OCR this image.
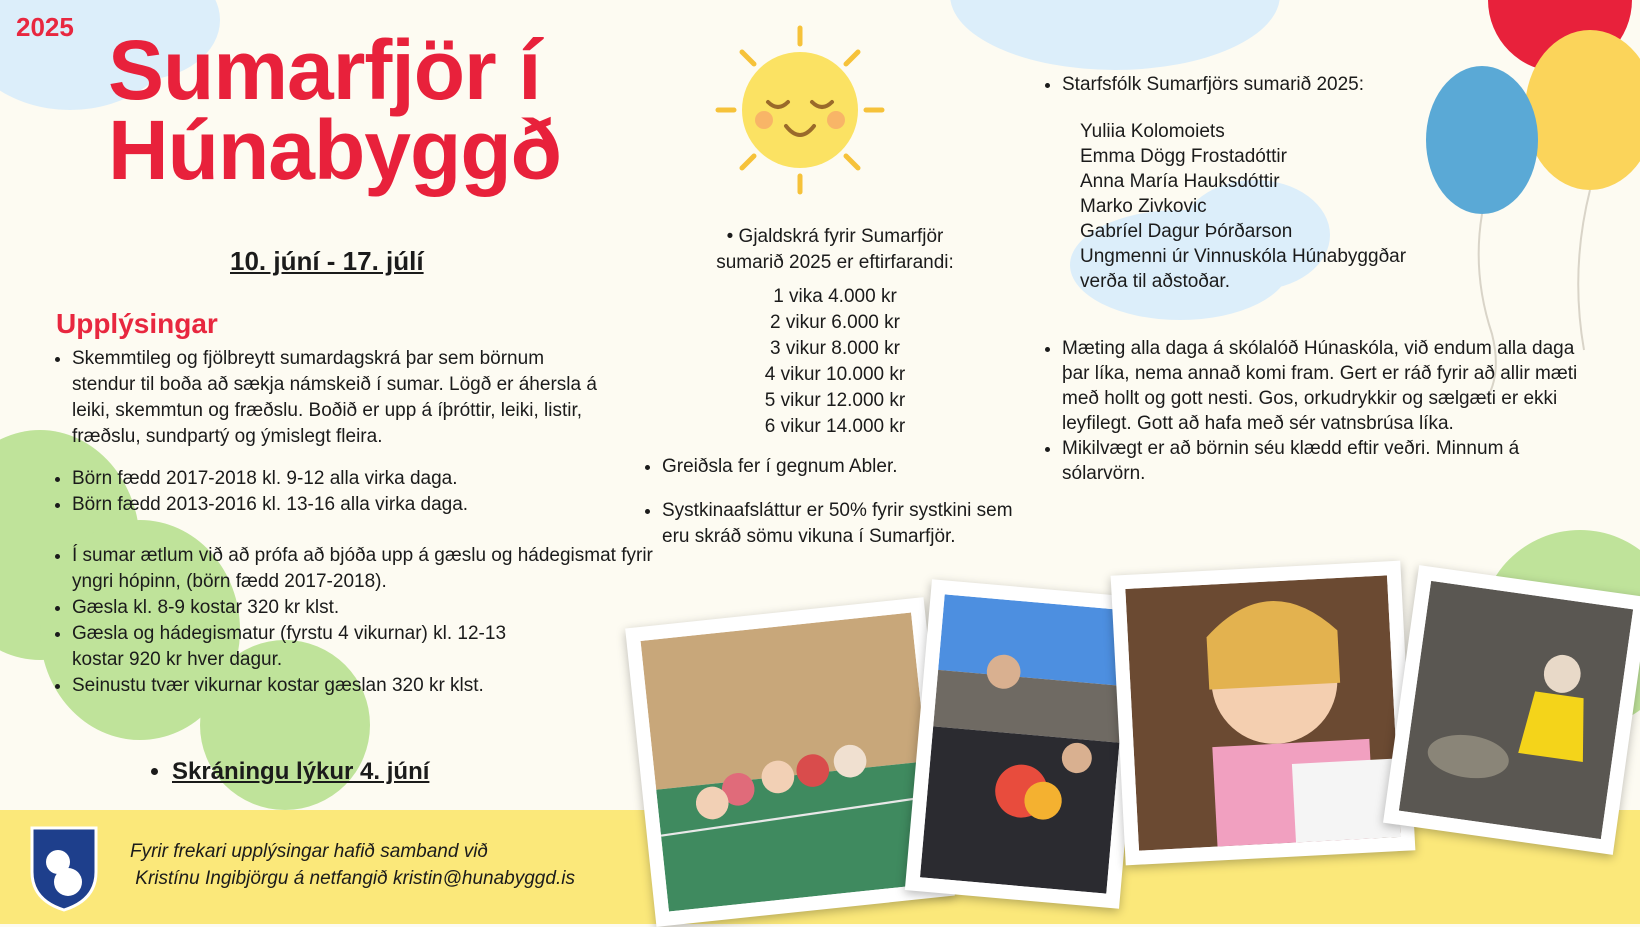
2025 Sumarfjör í
Húnabyggð
10. júní - 17. júlí
Upplýsingar
• Skemmtileg og fjölbreytt sumardagskrá þar sem börnum stendur til boða að sækja námskeið í sumar. Lögð er áhersla á leiki, skemmtun og fræðslu. Boðið er upp á íþróttir, leiki, listir, fræðslu, sundpartý og ýmislegt fleira.
• Börn fædd 2017-2018 kl. 9-12 alla virka daga.
• Börn fædd 2013-2016 kl. 13-16 alla virka daga.
• Í sumar ætlum við að prófa að bjóða upp á gæslu og hádegismat fyrir yngri hópinn, (börn fædd 2017-2018).
• Gæsla kl. 8-9 kostar 320 kr klst.
• Gæsla og hádegismatur (fyrstu 4 vikurnar) kl. 12-13 kostar 920 kr hver dagur.
• Seinustu tvær vikurnar kostar gæslan 320 kr klst.
• Skráningu lýkur 4. júní
• Gjaldskrá fyrir Sumarfjör sumarið 2025 er eftirfarandi:
1 vika 4.000 kr
2 vikur 6.000 kr
3 vikur 8.000 kr
4 vikur 10.000 kr
5 vikur 12.000 kr
6 vikur 14.000 kr
• Greiðsla fer í gegnum Abler.
• Systkinaafsláttur er 50% fyrir systkini sem eru skráð sömu vikuna í Sumarfjör.
• Starfsfólk Sumarfjörs sumarið 2025:
Yuliia Kolomoiets
Emma Dögg Frostadóttir
Anna María Hauksdóttir
Marko Zivkovic
Gabríel Dagur Þórðarson
Ungmenni úr Vinnuskóla Húnabyggðar verða til aðstoðar.
• Mæting alla daga á skólalóð Húnaskóla, við endum alla daga þar líka, nema annað komi fram. Gert er ráð fyrir að allir mæti með hollt og gott nesti. Gos, orkudrykkir og sælgæti er ekki leyfilegt. Gott að hafa með sér vatnsbrúsa líka.
• Mikilvægt er að börnin séu klædd eftir veðri. Minnum á sólarvörn.
Fyrir frekari upplýsingar hafið samband við
Kristínu Ingibjörgu á netfangið kristin@hunabyggd.is
